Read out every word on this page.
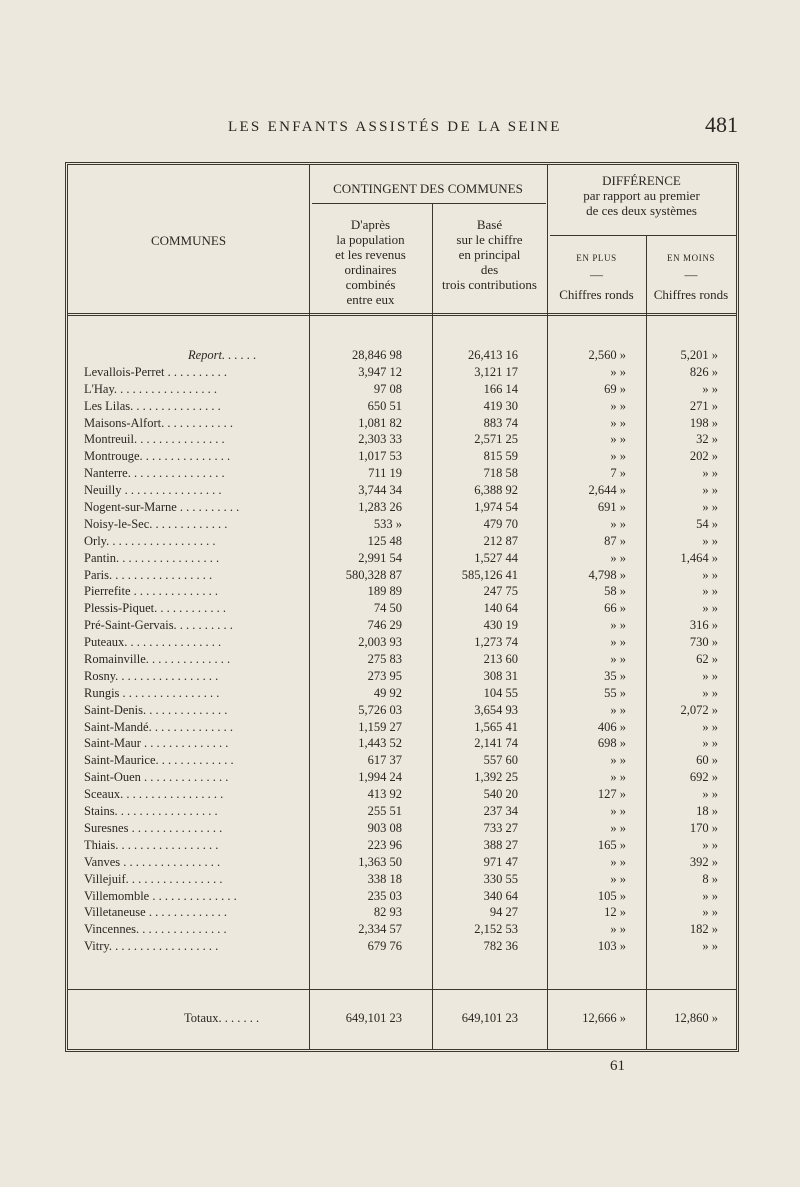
LES ENFANTS ASSISTÉS DE LA SEINE	481
COMMUNES
CONTINGENT DES COMMUNES
D'après
la population
et les revenus
ordinaires
combinés
entre eux
Basé
sur le chiffre
en principal
des
trois contributions
DIFFÉRENCE
par rapport au premier
de ces deux systèmes
EN PLUS	EN MOINS
—	—
Chiffres ronds	Chiffres ronds
Report. . . . . .	28,846 98	26,413 16	2,560 »	5,201 »
Levallois-Perret . . . . . . . . . .	3,947 12	3,121 17	» »	826 »
L'Hay. . . . . . . . . . . . . . . . .	97 08	166 14	69 »	» »
Les Lilas. . . . . . . . . . . . . . .	650 51	419 30	» »	271 »
Maisons-Alfort. . . . . . . . . . . .	1,081 82	883 74	» »	198 »
Montreuil. . . . . . . . . . . . . . .	2,303 33	2,571 25	» »	32 »
Montrouge. . . . . . . . . . . . . . .	1,017 53	815 59	» »	202 »
Nanterre. . . . . . . . . . . . . . . .	711 19	718 58	7 »	» »
Neuilly . . . . . . . . . . . . . . . .	3,744 34	6,388 92	2,644 »	» »
Nogent-sur-Marne . . . . . . . . . .	1,283 26	1,974 54	691 »	» »
Noisy-le-Sec. . . . . . . . . . . . .	533 »	479 70	» »	54 »
Orly. . . . . . . . . . . . . . . . . .	125 48	212 87	87 »	» »
Pantin. . . . . . . . . . . . . . . . .	2,991 54	1,527 44	» »	1,464 »
Paris. . . . . . . . . . . . . . . . .	580,328 87	585,126 41	4,798 »	» »
Pierrefite . . . . . . . . . . . . . .	189 89	247 75	58 »	» »
Plessis-Piquet. . . . . . . . . . . .	74 50	140 64	66 »	» »
Pré-Saint-Gervais. . . . . . . . . .	746 29	430 19	» »	316 »
Puteaux. . . . . . . . . . . . . . . .	2,003 93	1,273 74	» »	730 »
Romainville. . . . . . . . . . . . . .	275 83	213 60	» »	62 »
Rosny. . . . . . . . . . . . . . . . .	273 95	308 31	35 »	» »
Rungis . . . . . . . . . . . . . . . .	49 92	104 55	55 »	» »
Saint-Denis. . . . . . . . . . . . . .	5,726 03	3,654 93	» »	2,072 »
Saint-Mandé. . . . . . . . . . . . . .	1,159 27	1,565 41	406 »	» »
Saint-Maur . . . . . . . . . . . . . .	1,443 52	2,141 74	698 »	» »
Saint-Maurice. . . . . . . . . . . . .	617 37	557 60	» »	60 »
Saint-Ouen . . . . . . . . . . . . . .	1,994 24	1,392 25	» »	692 »
Sceaux. . . . . . . . . . . . . . . . .	413 92	540 20	127 »	» »
Stains. . . . . . . . . . . . . . . . .	255 51	237 34	» »	18 »
Suresnes . . . . . . . . . . . . . . .	903 08	733 27	» »	170 »
Thiais. . . . . . . . . . . . . . . . .	223 96	388 27	165 »	» »
Vanves . . . . . . . . . . . . . . . .	1,363 50	971 47	» »	392 »
Villejuif. . . . . . . . . . . . . . . .	338 18	330 55	» »	8 »
Villemomble . . . . . . . . . . . . . .	235 03	340 64	105 »	» »
Villetaneuse . . . . . . . . . . . . .	82 93	94 27	12 »	» »
Vincennes. . . . . . . . . . . . . . .	2,334 57	2,152 53	» »	182 »
Vitry. . . . . . . . . . . . . . . . . .	679 76	782 36	103 »	» »
Totaux. . . . . . .	649,101 23	649,101 23	12,666 »	12,860 »
61
